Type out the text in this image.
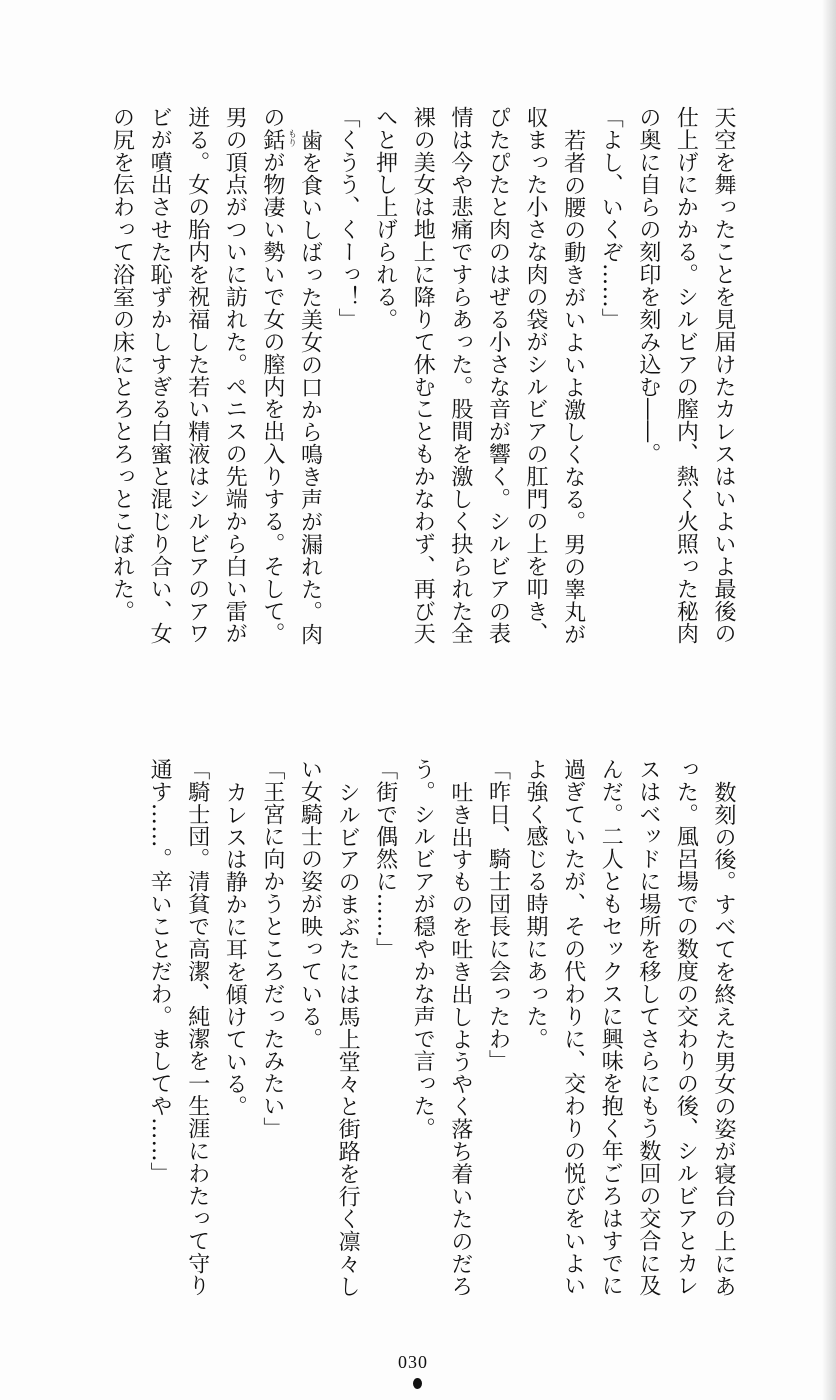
天空を舞ったことを見届けたカレスはいよいよ最後の
仕上げにかかる。シルビアの膣内、熱く火照った秘肉
の奥に自らの刻印を刻み込む――。
「よし、いくぞ……」
若者の腰の動きがいよいよ激しくなる。男の睾丸が
収まった小さな肉の袋がシルビアの肛門の上を叩き、
ぴたぴたと肉のはぜる小さな音が響く。シルビアの表
情は今や悲痛ですらあった。股間を激しく抉られた全
裸の美女は地上に降りて休むこともかなわず、再び天
へと押し上げられる。
「くうう、くーっ！」
歯を食いしばった美女の口から鳴き声が漏れた。肉
の銛が物凄い勢いで女の膣内を出入りする。そして。
男の頂点がついに訪れた。ペニスの先端から白い雷が
迸る。女の胎内を祝福した若い精液はシルビアのアワ
ビが噴出させた恥ずかしすぎる白蜜と混じり合い、女
の尻を伝わって浴室の床にとろとろっとこぼれた。	もり
数刻の後。すべてを終えた男女の姿が寝台の上にあ
った。風呂場での数度の交わりの後、シルビアとカレ
スはベッドに場所を移してさらにもう数回の交合に及
んだ。二人ともセックスに興味を抱く年ごろはすでに
過ぎていたが、その代わりに、交わりの悦びをいよい
よ強く感じる時期にあった。
「昨日、騎士団長に会ったわ」
吐き出すものを吐き出しようやく落ち着いたのだろ
う。シルビアが穏やかな声で言った。
「街で偶然に……」
シルビアのまぶたには馬上堂々と街路を行く凛々し
い女騎士の姿が映っている。
「王宮に向かうところだったみたい」
カレスは静かに耳を傾けている。
「騎士団。清貧で高潔、純潔を一生涯にわたって守り
通す……。辛いことだわ。ましてや……」
030
